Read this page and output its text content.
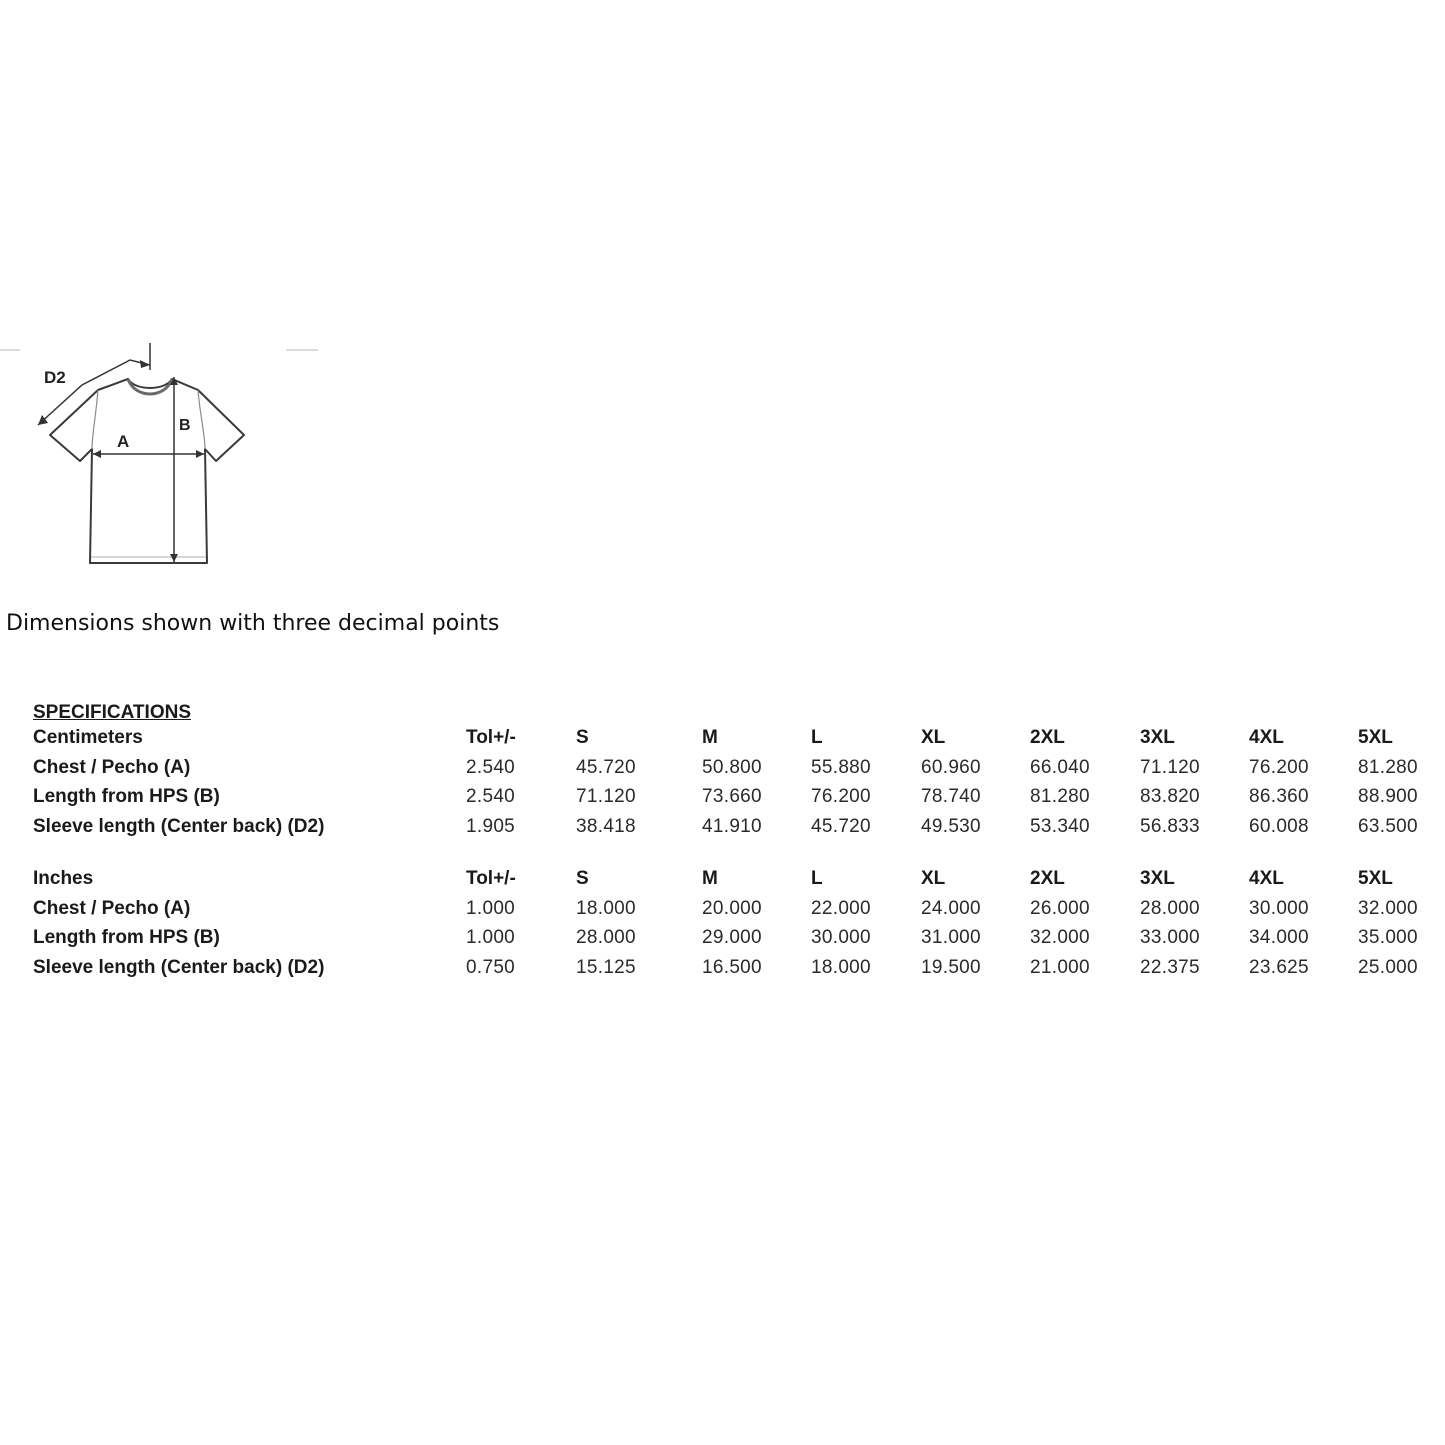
D2
A
B
Dimensions shown with three decimal points
SPECIFICATIONS
Centimeters	Tol+/-	S	M	L	XL	2XL	3XL	4XL	5XL
Chest / Pecho (A)	2.540	45.720	50.800	55.880	60.960	66.040	71.120	76.200	81.280
Length from HPS (B)	2.540	71.120	73.660	76.200	78.740	81.280	83.820	86.360	88.900
Sleeve length (Center back) (D2)	1.905	38.418	41.910	45.720	49.530	53.340	56.833	60.008	63.500
Inches	Tol+/-	S	M	L	XL	2XL	3XL	4XL	5XL
Chest / Pecho (A)	1.000	18.000	20.000	22.000	24.000	26.000	28.000	30.000	32.000
Length from HPS (B)	1.000	28.000	29.000	30.000	31.000	32.000	33.000	34.000	35.000
Sleeve length (Center back) (D2)	0.750	15.125	16.500	18.000	19.500	21.000	22.375	23.625	25.000
